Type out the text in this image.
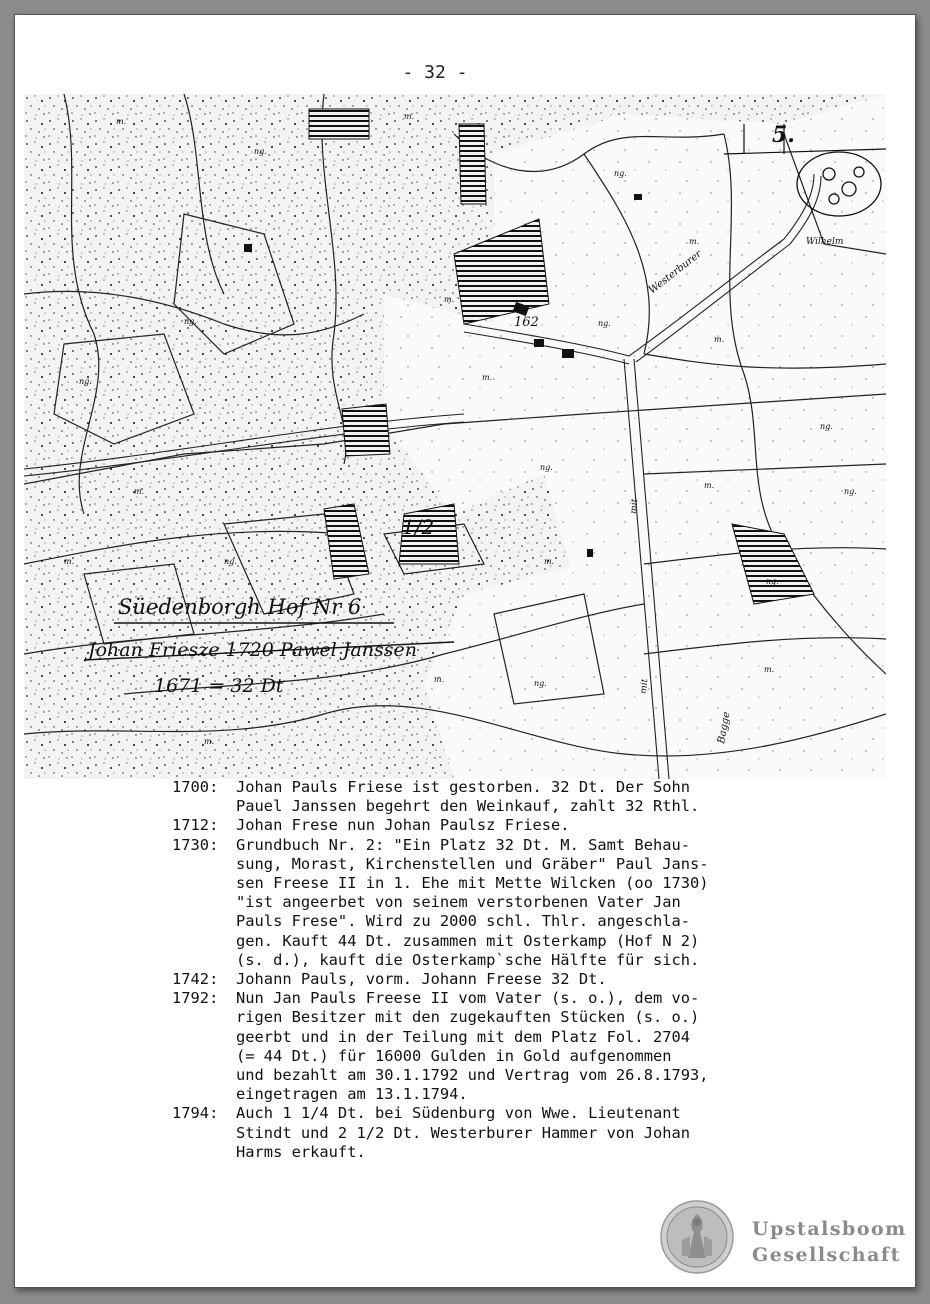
- 32 -
5.
162
1/2
Süedenborgh Hof Nr 6
Johan Friesze 1720 Pawel Janssen
1671 = 32 Dt
Westerburer
Wilhelm
Bagge
mit
mit
m.
ng.
m.
ng.
m.
ng.
m.
ng.
m.
ng.	m.
ng.
m.
ng.
m.
m.	ng.	m.
ng.
m.	ng.
m.
ng.
m.
1700:	Johan Pauls Friese ist gestorben. 32 Dt. Der Sohn
Pauel Janssen begehrt den Weinkauf, zahlt 32 Rthl.
1712:	Johan Frese nun Johan Paulsz Friese.
1730:	Grundbuch Nr. 2: "Ein Platz 32 Dt. M. Samt Behau-
sung, Morast, Kirchenstellen und Gräber" Paul Jans-
sen Freese II in 1. Ehe mit Mette Wilcken (oo 1730)
"ist angeerbet von seinem verstorbenen Vater Jan
Pauls Frese". Wird zu 2000 schl. Thlr. angeschla-
gen. Kauft 44 Dt. zusammen mit Osterkamp (Hof N 2)
(s. d.), kauft die Osterkamp`sche Hälfte für sich.
1742:	Johann Pauls, vorm. Johann Freese 32 Dt.
1792:	Nun Jan Pauls Freese II vom Vater (s. o.), dem vo-
rigen Besitzer mit den zugekauften Stücken (s. o.)
geerbt und in der Teilung mit dem Platz Fol. 2704
(= 44 Dt.) für 16000 Gulden in Gold aufgenommen
und bezahlt am 30.1.1792 und Vertrag vom 26.8.1793,
eingetragen am 13.1.1794.
1794:	Auch 1 1/4 Dt. bei Südenburg von Wwe. Lieutenant
Stindt und 2 1/2 Dt. Westerburer Hammer von Johan
Harms erkauft.
Upstalsboom
Gesellschaft
